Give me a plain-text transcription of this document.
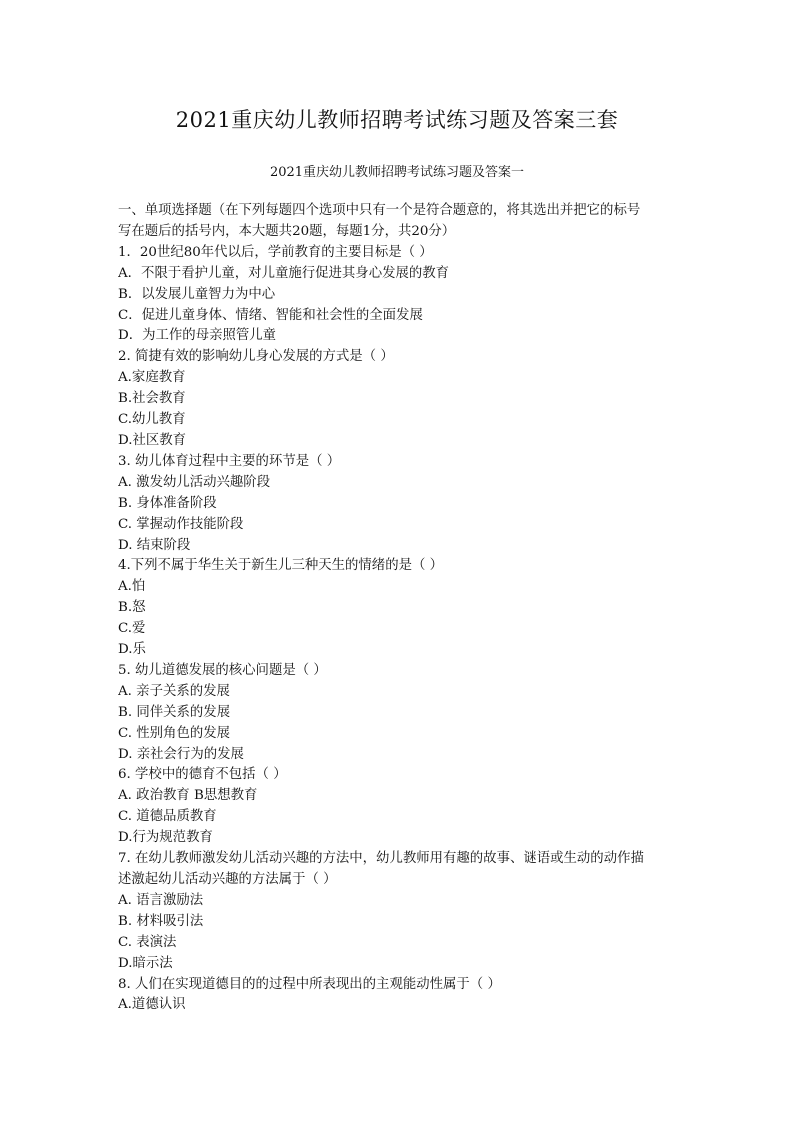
2021重庆幼儿教师招聘考试练习题及答案三套
2021重庆幼儿教师招聘考试练习题及答案一
一、单项选择题（在下列每题四个选项中只有一个是符合题意的，将其选出并把它的标号
写在题后的括号内，本大题共20题，每题1分，共20分）
1．20世纪80年代以后，学前教育的主要目标是（ ）
A．不限于看护儿童，对儿童施行促进其身心发展的教育
B．以发展儿童智力为中心
C．促进儿童身体、情绪、智能和社会性的全面发展
D．为工作的母亲照管儿童
2. 简捷有效的影响幼儿身心发展的方式是（ ）
A.家庭教育
B.社会教育
C.幼儿教育
D.社区教育
3. 幼儿体育过程中主要的环节是（ ）
A. 激发幼儿活动兴趣阶段
B. 身体准备阶段
C. 掌握动作技能阶段
D. 结束阶段
4.下列不属于华生关于新生儿三种天生的情绪的是（ ）
A.怕
B.怒
C.爱
D.乐
5. 幼儿道德发展的核心问题是（ ）
A. 亲子关系的发展
B. 同伴关系的发展
C. 性别角色的发展
D. 亲社会行为的发展
6. 学校中的德育不包括（ ）
A. 政治教育 B思想教育
C. 道德品质教育
D.行为规范教育
7. 在幼儿教师激发幼儿活动兴趣的方法中，幼儿教师用有趣的故事、谜语或生动的动作描
述激起幼儿活动兴趣的方法属于（ ）
A. 语言激励法
B. 材料吸引法
C. 表演法
D.暗示法
8. 人们在实现道德目的的过程中所表现出的主观能动性属于（ ）
A.道德认识
